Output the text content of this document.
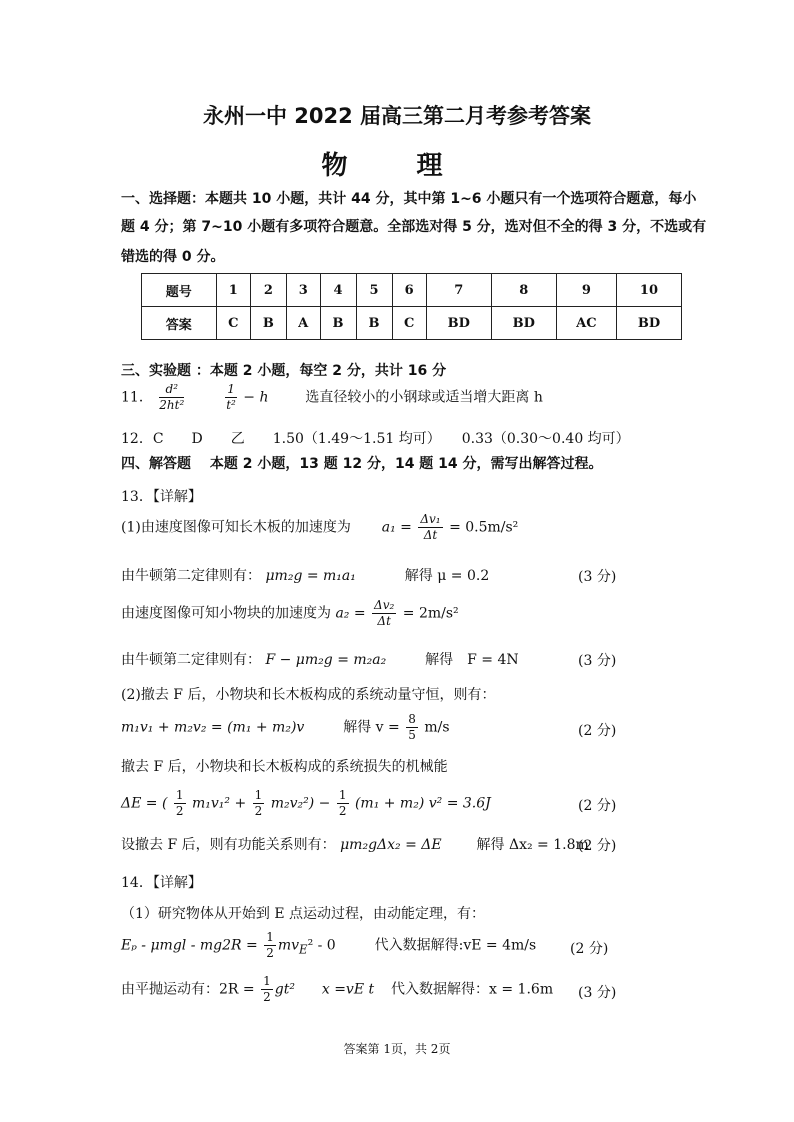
永州一中 2022 届高三第二月考参考答案
物 理
一、选择题：本题共 10 小题，共计 44 分，其中第 1~6 小题只有一个选项符合题意，每小
题 4 分；第 7~10 小题有多项符合题意。全部选对得 5 分，选对但不全的得 3 分，不选或有
错选的得 0 分。
题号	1	2	3	4	5	6	7	8	9	10
答案	C	B	A	B	B	C	BD	BD	AC	BD
三、实验题 ：本题 2 小题，每空 2 分，共计 16 分
11． $\frac{\text{d²}}{\text{2ht²}}$
	$\frac{1}{\text{t²}} - h$	选直径较小的小钢球或适当增大距离 h
12．C　　D　　乙　　1.50（1.49～1.51 均可）　　0.33（0.30～0.40 均可）
四、解答题　 本题 2 小题，13 题 12 分，14 题 14 分，需写出解答过程。
13．【详解】
(1)由速度图像可知长木板的加速度为 $a_1 = \frac{\text{Δv₁}}{\Delta t} = 0.5m/s^2$
由牛顿第二定律则有： μm₂g = m₁a₁	解得 μ = 0.2	(3 分)
由速度图像可知小物块的加速度为 $a_2 = \frac{\text{Δv₂}}{\Delta t} = 2m/s^2$
由牛顿第二定律则有： F − μm₂g = m₂a₂	解得　F = 4N	(3 分)
(2)撤去 F 后，小物块和长木板构成的系统动量守恒，则有：
m₁v₁ + m₂v₂ = (m₁ + m₂)v	解得 $v = \frac{8}{5} m/s$	(2 分)
撤去 F 后，小物块和长木板构成的系统损失的机械能
ΔE = ( $\frac{1}{2} m_1v_1^2 + \frac{1}{2} m_2v_2^2) - \frac{1}{2} (m_1 + m_2)$ v² = 3.6J	(2 分)
设撤去 F 后，则有功能关系则有： μm₂gΔx₂ = ΔE 解得 Δx₂ = 1.8m
(2 分)
14．【详解】
（1）研究物体从开始到 E 点运动过程，由动能定理，有：
$E_p - \mu mgl - mg2R = \frac{1}{2} mv_E^2 - 0$	代入数据解得:vE = 4m/s (2 分)
由平抛运动有：$2R = \frac{1}{2} gt^2$ x =vE t 代入数据解得：x = 1.6m (3 分)
答案第 1页，共 2页
